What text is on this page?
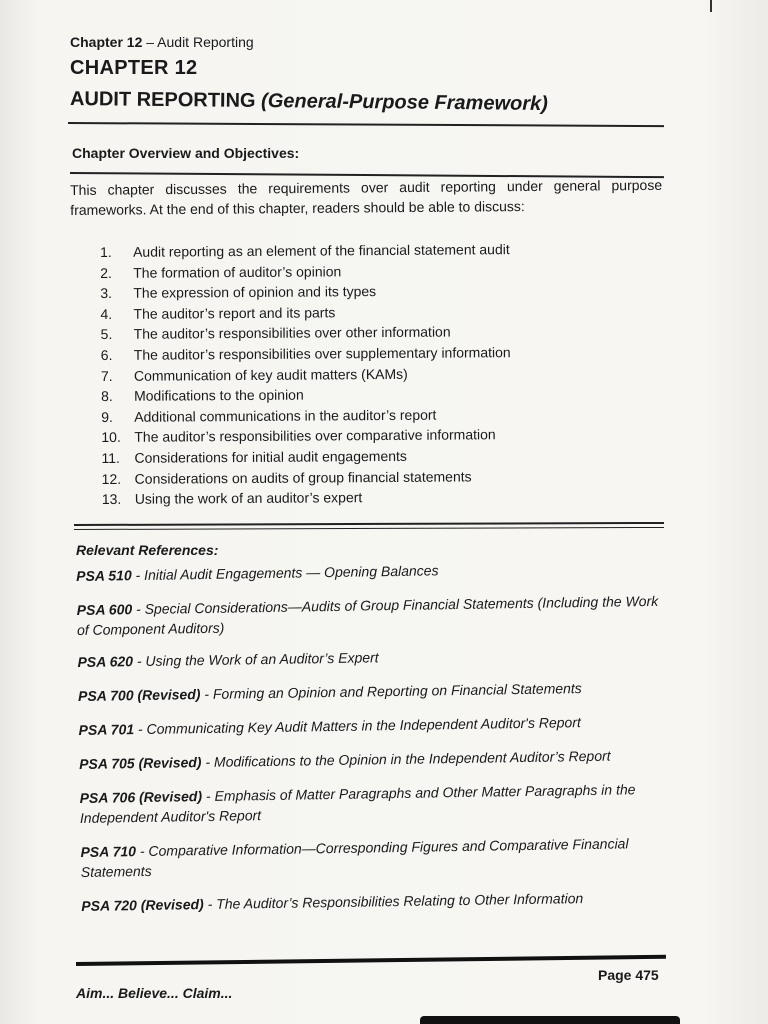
Chapter 12 – Audit Reporting
CHAPTER 12
AUDIT REPORTING (General-Purpose Framework)
Chapter Overview and Objectives:
This chapter discusses the requirements over audit reporting under general purpose frameworks. At the end of this chapter, readers should be able to discuss:
1.	Audit reporting as an element of the financial statement audit
2.	The formation of auditor’s opinion
3.	The expression of opinion and its types
4.	The auditor’s report and its parts
5.	The auditor’s responsibilities over other information
6.	The auditor’s responsibilities over supplementary information
7.	Communication of key audit matters (KAMs)
8.	Modifications to the opinion
9.	Additional communications in the auditor’s report
10. The auditor’s responsibilities over comparative information
11.	Considerations for initial audit engagements
12. Considerations on audits of group financial statements
13. Using the work of an auditor’s expert
Relevant References:

PSA 510 - Initial Audit Engagements — Opening Balances

PSA 600 - Special Considerations—Audits of Group Financial Statements (Including the Work of Component Auditors)

PSA 620 - Using the Work of an Auditor’s Expert

PSA 700 (Revised) - Forming an Opinion and Reporting on Financial Statements

PSA 701 - Communicating Key Audit Matters in the Independent Auditor's Report

PSA 705 (Revised) - Modifications to the Opinion in the Independent Auditor’s Report

PSA 706 (Revised) - Emphasis of Matter Paragraphs and Other Matter Paragraphs in the Independent Auditor's Report

PSA 710 - Comparative Information—Corresponding Figures and Comparative Financial Statements

PSA 720 (Revised) - The Auditor’s Responsibilities Relating to Other Information

Page 475
Aim... Believe... Claim...
